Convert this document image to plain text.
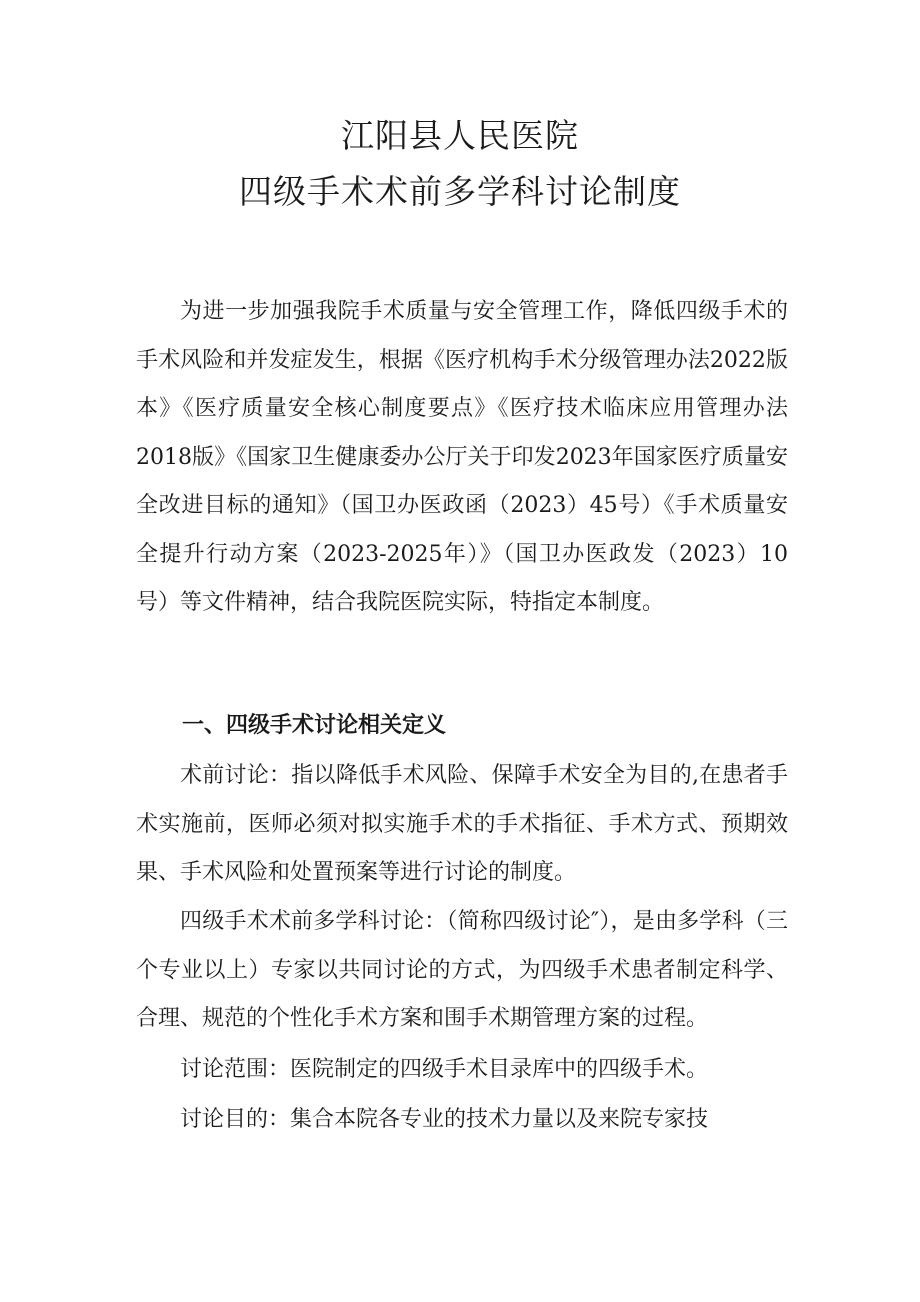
江阳县人民医院

四级手术术前多学科讨论制度

为进一步加强我院手术质量与安全管理工作，降低四级手术的手术风险和并发症发生，根据《医疗机构手术分级管理办法2022版本》《医疗质量安全核心制度要点》《医疗技术临床应用管理办法2018版》《国家卫生健康委办公厅关于印发2023年国家医疗质量安全改进目标的通知》（国卫办医政函（2023）45号）《手术质量安全提升行动方案（2023-2025年）》（国卫办医政发（2023）10号）等文件精神，结合我院医院实际，特指定本制度。

一、四级手术讨论相关定义

术前讨论：指以降低手术风险、保障手术安全为目的,在患者手术实施前，医师必须对拟实施手术的手术指征、手术方式、预期效果、手术风险和处置预案等进行讨论的制度。

四级手术术前多学科讨论：（简称四级讨论″），是由多学科（三个专业以上）专家以共同讨论的方式，为四级手术患者制定科学、合理、规范的个性化手术方案和围手术期管理方案的过程。

讨论范围：医院制定的四级手术目录库中的四级手术。

讨论目的：集合本院各专业的技术力量以及来院专家技
